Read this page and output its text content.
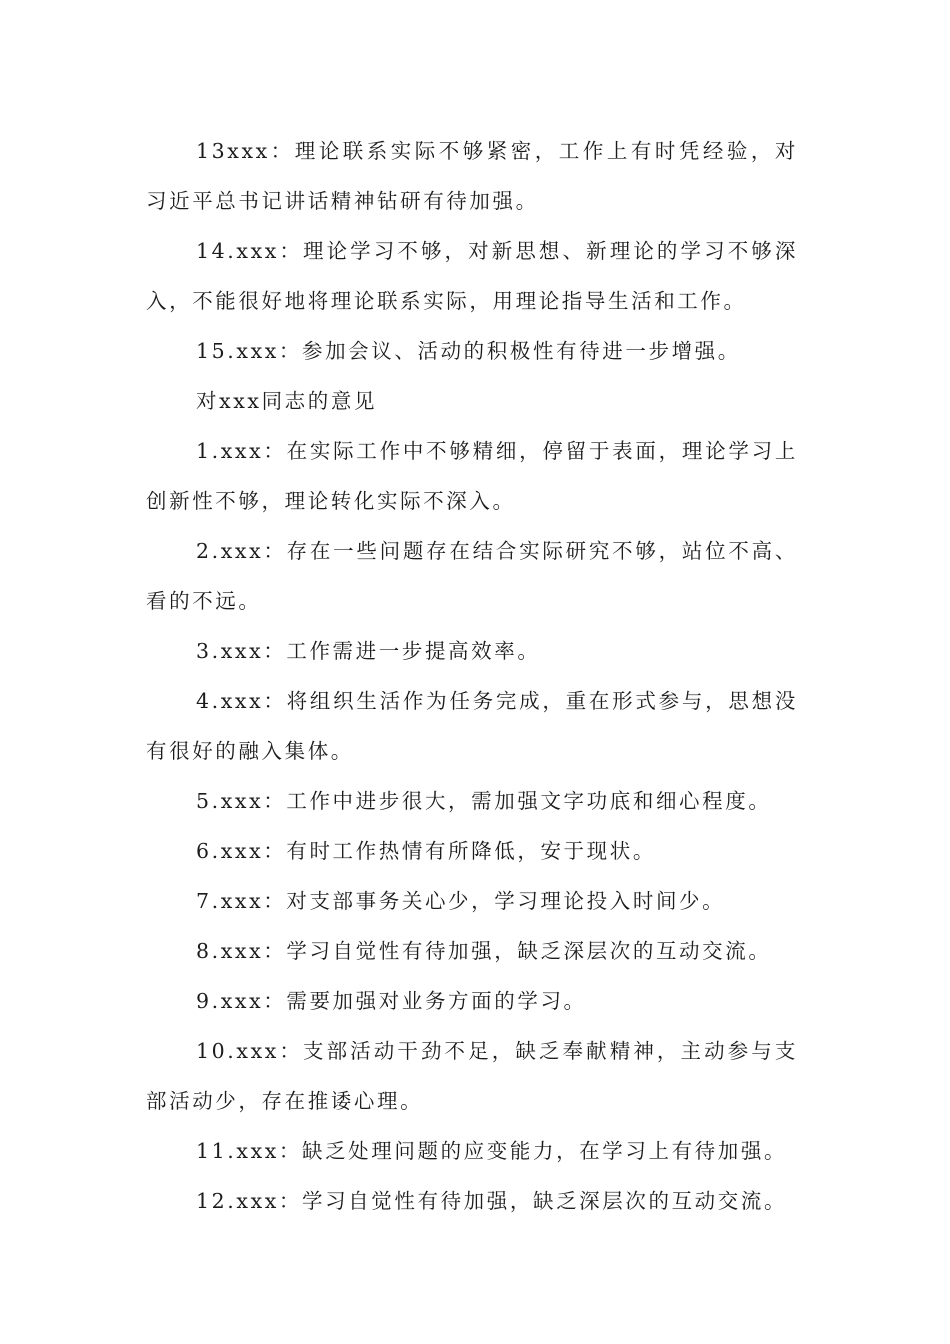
13xxx：理论联系实际不够紧密，工作上有时凭经验，对习近平总书记讲话精神钻研有待加强。

14.xxx：理论学习不够，对新思想、新理论的学习不够深入，不能很好地将理论联系实际，用理论指导生活和工作。

15.xxx：参加会议、活动的积极性有待进一步增强。

对xxx同志的意见

1.xxx：在实际工作中不够精细，停留于表面，理论学习上创新性不够，理论转化实际不深入。

2.xxx：存在一些问题存在结合实际研究不够，站位不高、看的不远。

3.xxx：工作需进一步提高效率。

4.xxx：将组织生活作为任务完成，重在形式参与，思想没有很好的融入集体。

5.xxx：工作中进步很大，需加强文字功底和细心程度。

6.xxx：有时工作热情有所降低，安于现状。

7.xxx：对支部事务关心少，学习理论投入时间少。

8.xxx：学习自觉性有待加强，缺乏深层次的互动交流。

9.xxx：需要加强对业务方面的学习。

10.xxx：支部活动干劲不足，缺乏奉献精神，主动参与支部活动少，存在推诿心理。

11.xxx：缺乏处理问题的应变能力，在学习上有待加强。

12.xxx：学习自觉性有待加强，缺乏深层次的互动交流。
